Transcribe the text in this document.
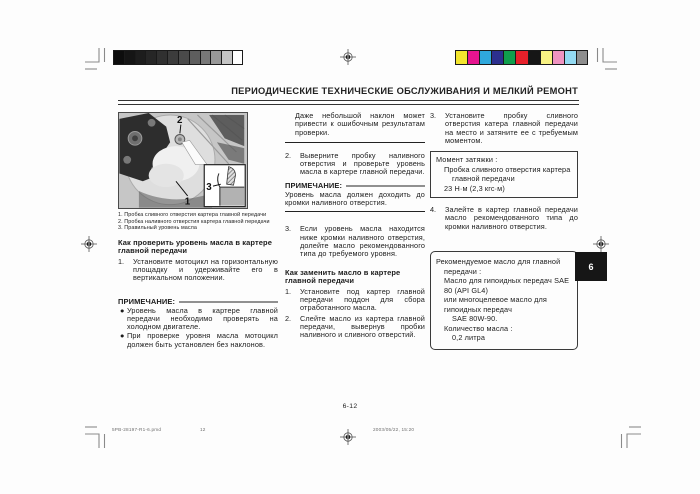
ПЕРИОДИЧЕСКИЕ ТЕХНИЧЕСКИЕ ОБСЛУЖИВАНИЯ И МЕЛКИЙ РЕМОНТ
2
1
3
1. Пробка сливного отверстия картера главной передачи
2. Пробка наливного отверстия картера главной передачи
3. Правильный уровень масла
Как проверить уровень масла в картере главной передачи
1.	Установите мотоцикл на горизонтальную площадку и удерживайте его в вертикальном положении.
ПРИМЕЧАНИЕ:
● Уровень масла в картере главной передачи необходимо проверять на холодном двигателе.
● При проверке уровня масла мотоцикл должен быть установлен без наклонов.
Даже небольшой наклон может привести к ошибочным результатам проверки.
2.	Выверните пробку наливного отверстия и проверьте уровень масла в картере главной передачи.
ПРИМЕЧАНИЕ:
Уровень масла должен доходить до кромки наливного отверстия.
3.	Если уровень масла находится ниже кромки наливного отверстия, долейте масло рекомендованного типа до требуемого уровня.
Как заменить масло в картере главной передачи
1.	Установите под картер главной передачи поддон для сбора отработанного масла.
2.	Слейте масло из картера главной передачи, вывернув пробки наливного и сливного отверстий.
3.	Установите пробку сливного отверстия катера главной передачи на место и затяните ее с требуемым моментом.

Момент затяжки :

Пробка сливного отверстия картера главной передачи

23 Н·м (2,3 кгс·м)

4.	Залейте в картер главной передачи масло рекомендованного типа до кромки наливного отверстия.

Рекомендуемое масло для главной передачи :

Масло для гипоидных передач SAE 80 (API GL4)

или многоцелевое масло для гипоидных передач

SAE 80W-90.

Количество масла :

0,2 литра

6
6-12
5PB-28197-R1-6.pmd	12	2003/05/22, 15:20
